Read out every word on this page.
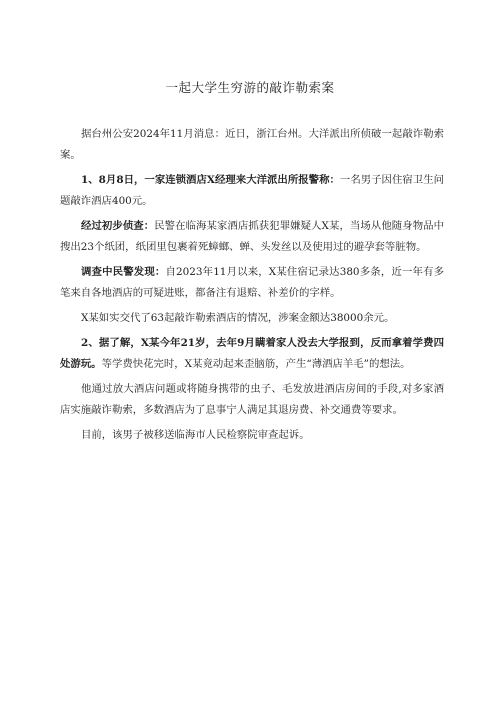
一起大学生穷游的敲诈勒索案

据台州公安2024年11月消息：近日，浙江台州。大洋派出所侦破一起敲诈勒索案。

1、8月8日，一家连锁酒店X经理来大洋派出所报警称：一名男子因住宿卫生问题敲诈酒店400元。

经过初步侦查：民警在临海某家酒店抓获犯罪嫌疑人X某，当场从他随身物品中搜出23个纸团，纸团里包裹着死蟑螂、蝉、头发丝以及使用过的避孕套等脏物。

调查中民警发现：自2023年11月以来，X某住宿记录达380多条，近一年有多笔来自各地酒店的可疑进账，都备注有退赔、补差价的字样。

X某如实交代了63起敲诈勒索酒店的情况，涉案金额达38000余元。

2、据了解，X某今年21岁，去年9月瞒着家人没去大学报到，反而拿着学费四处游玩。等学费快花完时，X某竟动起来歪脑筋，产生“薄酒店羊毛”的想法。

他通过放大酒店问题或将随身携带的虫子、毛发放进酒店房间的手段,对多家酒店实施敲诈勒索，多数酒店为了息事宁人满足其退房费、补交通费等要求。

目前，该男子被移送临海市人民检察院审查起诉。
